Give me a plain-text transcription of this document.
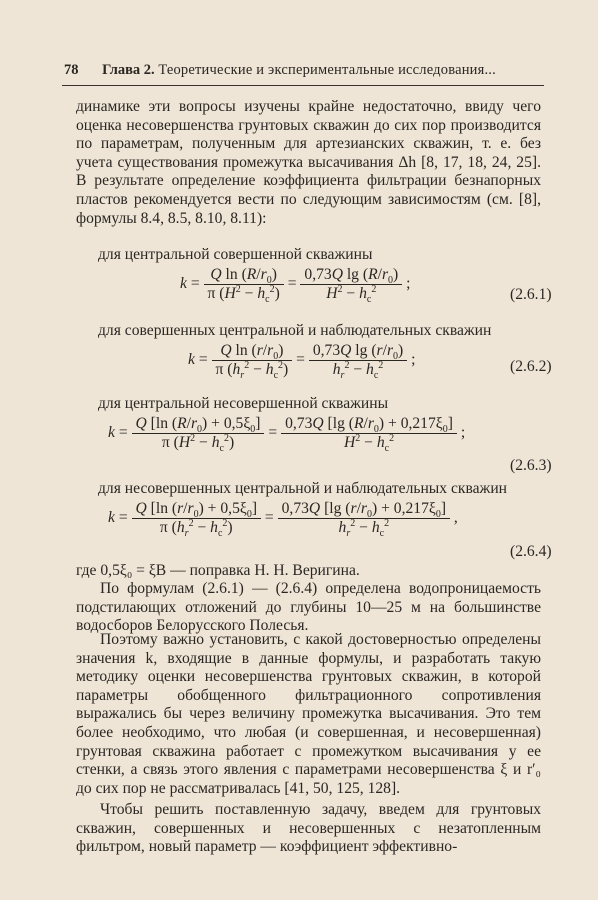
78 Глава 2. Теоретические и экспериментальные исследования...
динамике эти вопросы изучены крайне недостаточно, ввиду чего оценка несовершенства грунтовых скважин до сих пор производится по параметрам, полученным для артезианских скважин, т. е. без учета существования промежутка высачивания Δh [8, 17, 18, 24, 25]. В результате определение коэффициента фильтрации безнапорных пластов рекомендуется вести по следующим зависимостям (см. [8], формулы 8.4, 8.5, 8.10, 8.11):
для центральной совершенной скважины
$k = \frac{Q \ln (R/r_0)}{\pi (H^2 - h_c^2)} = \frac{0,73Q \lg (R/r_0)}{H^2 - h_c^2}$ ;
(2.6.1)
для совершенных центральной и наблюдательных скважин
$k = \frac{Q \ln (r/r_0)}{\pi (h_r^2 - h_c^2)} = \frac{0,73Q \lg (r/r_0)}{h_r^2 - h_c^2}$ ;	(2.6.2)
для центральной несовершенной скважины
$k = \frac{Q [\ln (R/r_0) + 0,5\xi_0]}{\pi (H^2 - h_c^2)} = \frac{0,73Q [\lg (R/r_0) + 0,217\xi_0]}{H^2 - h_c^2}$ ;
(2.6.3)
для несовершенных центральной и наблюдательных скважин
$k = \frac{Q [\ln (r/r_0) + 0,5\xi_0]}{\pi (h_r^2 - h_c^2)} = \frac{0,73Q [\lg (r/r_0) + 0,217\xi_0]}{h_r^2 - h_c^2}$ ,
(2.6.4)
где 0,5ξ₀ = ξB — поправка Н. Н. Веригина.
По формулам (2.6.1) — (2.6.4) определена водопроницаемость подстилающих отложений до глубины 10—25 м на большинстве водосборов Белорусского Полесья.
Поэтому важно установить, с какой достоверностью определены значения k, входящие в данные формулы, и разработать такую методику оценки несовершенства грунтовых скважин, в которой параметры обобщенного фильтрационного сопротивления выражались бы через величину промежутка высачивания. Это тем более необходимо, что любая (и совершенная, и несовершенная) грунтовая скважина работает с промежутком высачивания у ее стенки, а связь этого явления с параметрами несовершенства ξ и r′₀ до сих пор не рассматривалась [41, 50, 125, 128].
Чтобы решить поставленную задачу, введем для грунтовых скважин, совершенных и несовершенных с незатопленным фильтром, новый параметр — коэффициент эффективно-
